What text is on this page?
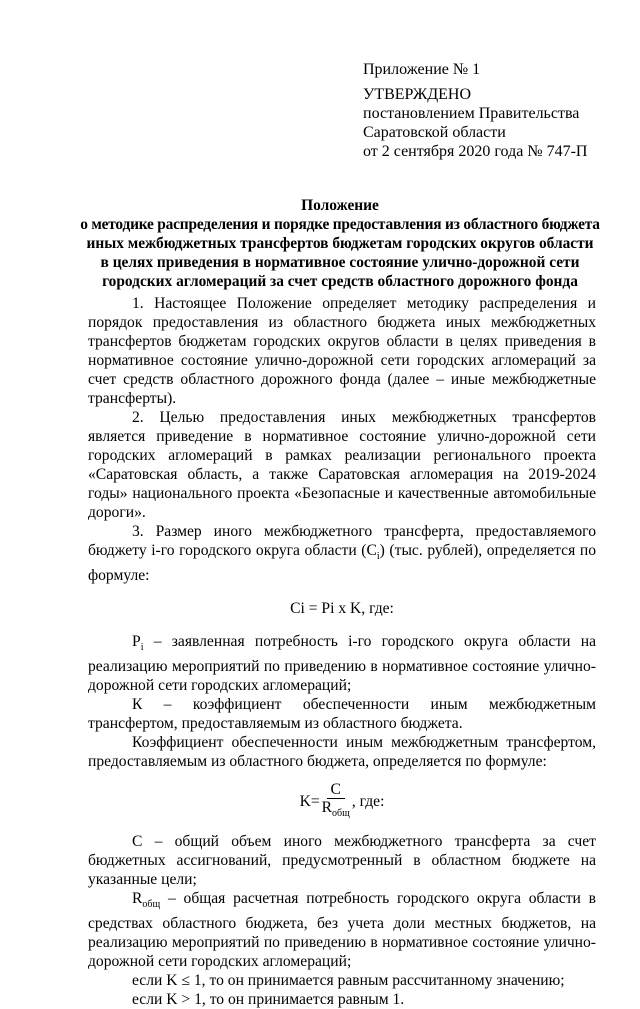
Приложение № 1
УТВЕРЖДЕНО
постановлением Правительства
Саратовской области
от 2 сентября 2020 года № 747-П
Положение
о методике распределения и порядке предоставления из областного бюджета
иных межбюджетных трансфертов бюджетам городских округов области
в целях приведения в нормативное состояние улично-дорожной сети
городских агломераций за счет средств областного дорожного фонда

1. Настоящее Положение определяет методику распределения и порядок предоставления из областного бюджета иных межбюджетных трансфертов бюджетам городских округов области в целях приведения в нормативное состояние улично-дорожной сети городских агломераций за счет средств областного дорожного фонда (далее – иные межбюджетные трансферты).

2. Целью предоставления иных межбюджетных трансфертов является приведение в нормативное состояние улично-дорожной сети городских агломераций в рамках реализации регионального проекта «Саратовская область, а также Саратовская агломерация на 2019-2024 годы» национального проекта «Безопасные и качественные автомобильные дороги».

3. Размер иного межбюджетного трансферта, предоставляемого бюджету i-го городского округа области $(C_i)$ (тыс. рублей), определяется по формуле:

Ci = Pi x K, где:

$P_i$ – заявленная потребность i-го городского округа области на реализацию мероприятий по приведению в нормативное состояние улично-дорожной сети городских агломераций;

К – коэффициент обеспеченности иным межбюджетным трансфертом, предоставляемым из областного бюджета.

Коэффициент обеспеченности иным межбюджетным трансфертом, предоставляемым из областного бюджета, определяется по формуле:

$K= \frac{C}{R_{общ}}$ , где:

C – общий объем иного межбюджетного трансферта за счет бюджетных ассигнований, предусмотренный в областном бюджете на указанные цели;

$R_{общ}$ – общая расчетная потребность городского округа области в средствах областного бюджета, без учета доли местных бюджетов, на реализацию мероприятий по приведению в нормативное состояние улично-дорожной сети городских агломераций;

если K ≤ 1, то он принимается равным рассчитанному значению;

если K > 1, то он принимается равным 1.
